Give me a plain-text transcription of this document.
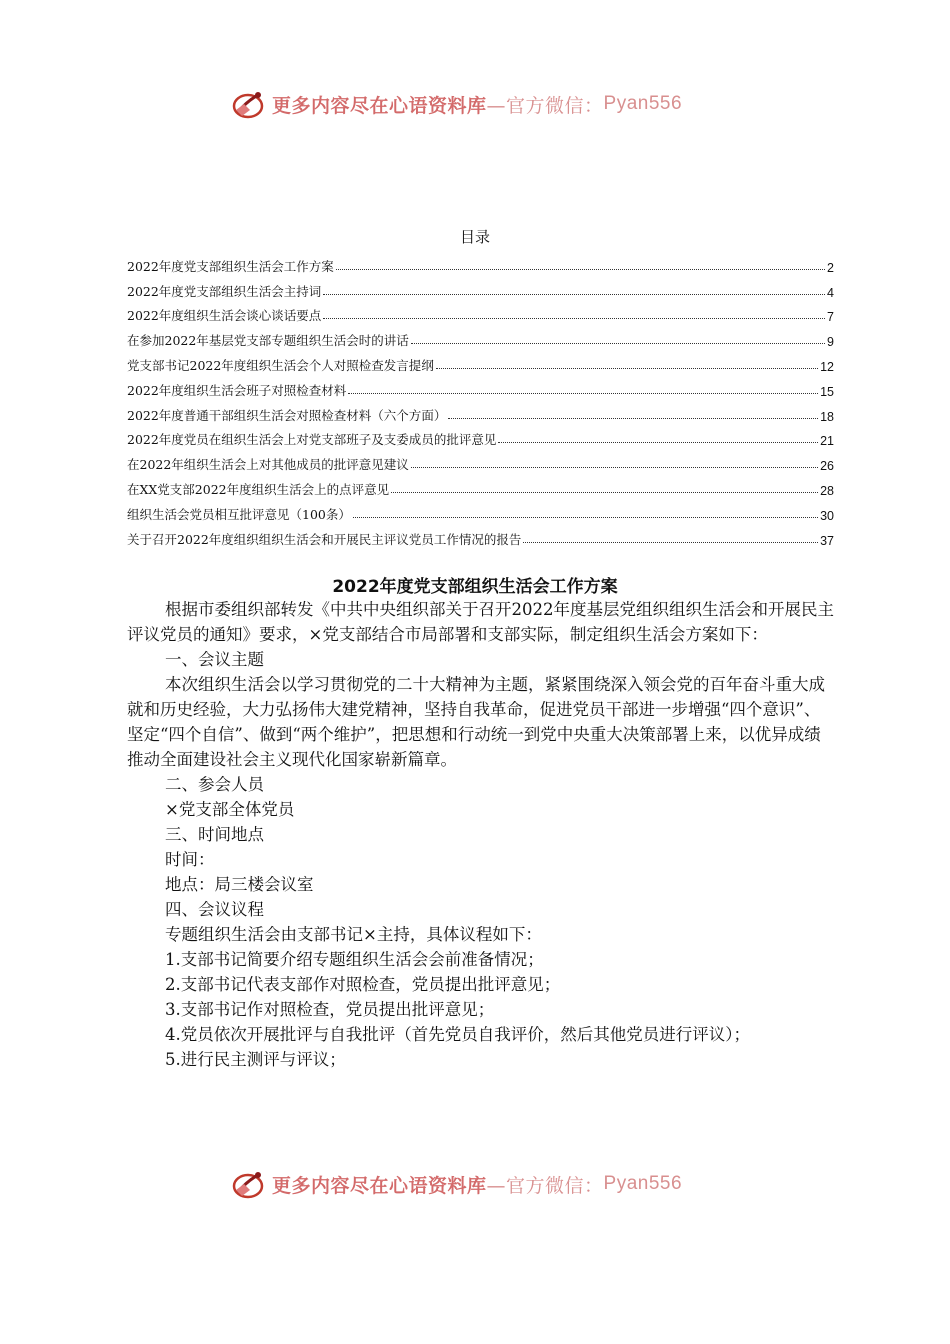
更多内容尽在心语资料库 —官方微信： Pyan556
目录
2022年度党支部组织生活会工作方案	2
2022年度党支部组织生活会主持词	4
2022年度组织生活会谈心谈话要点	7
在参加2022年基层党支部专题组织生活会时的讲话	9
党支部书记2022年度组织生活会个人对照检查发言提纲	12
2022年度组织生活会班子对照检查材料	15
2022年度普通干部组织生活会对照检查材料（六个方面）	18
2022年度党员在组织生活会上对党支部班子及支委成员的批评意见	21
在2022年组织生活会上对其他成员的批评意见建议	26
在XX党支部2022年度组织生活会上的点评意见	28
组织生活会党员相互批评意见（100条）	30
关于召开2022年度组织组织生活会和开展民主评议党员工作情况的报告	37
2022年度党支部组织生活会工作方案

根据市委组织部转发《中共中央组织部关于召开2022年度基层党组织组织生活会和开展民主评议党员的通知》要求，×党支部结合市局部署和支部实际，制定组织生活会方案如下：

一、会议主题

本次组织生活会以学习贯彻党的二十大精神为主题，紧紧围绕深入领会党的百年奋斗重大成就和历史经验，大力弘扬伟大建党精神，坚持自我革命，促进党员干部进一步增强“四个意识”、坚定“四个自信”、做到“两个维护”，把思想和行动统一到党中央重大决策部署上来，以优异成绩推动全面建设社会主义现代化国家崭新篇章。

二、参会人员

×党支部全体党员

三、时间地点

时间：

地点：局三楼会议室

四、会议议程

专题组织生活会由支部书记×主持，具体议程如下：

1.支部书记简要介绍专题组织生活会会前准备情况；

2.支部书记代表支部作对照检查，党员提出批评意见；

3.支部书记作对照检查，党员提出批评意见；

4.党员依次开展批评与自我批评（首先党员自我评价，然后其他党员进行评议）；

5.进行民主测评与评议；

更多内容尽在心语资料库 —官方微信： Pyan556
